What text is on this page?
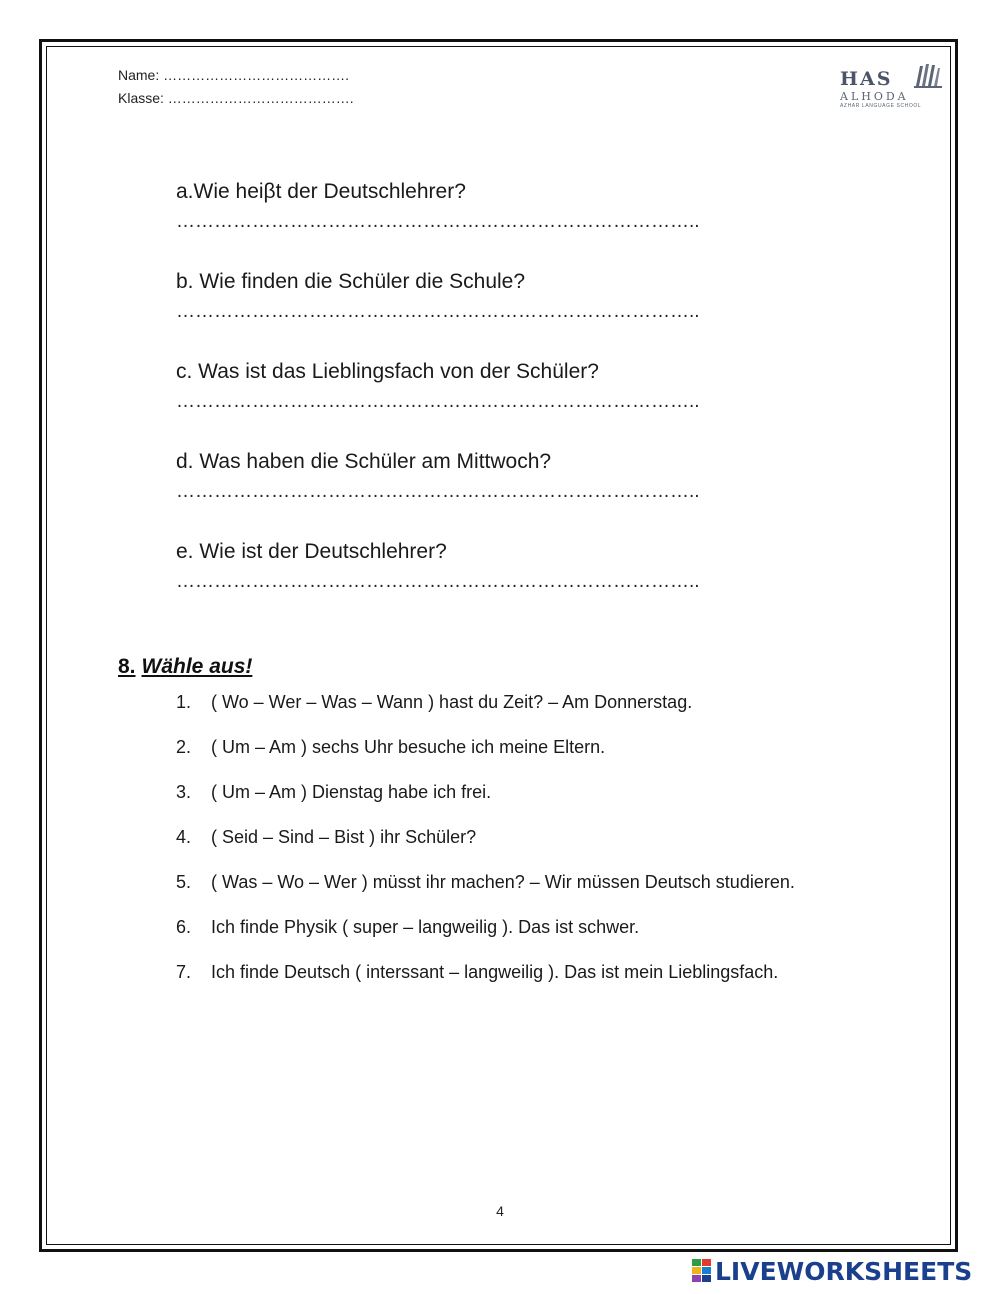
Name: ………………………………….
Klasse: ………………………………….
HAS
ALHODA
AZHAR LANGUAGE SCHOOL

a.Wie heiβt der Deutschlehrer?

………………………………………………………………………..

b. Wie finden die Schüler die Schule?

………………………………………………………………………..

c. Was ist das Lieblingsfach von der Schüler?

………………………………………………………………………..

d. Was haben die Schüler am Mittwoch?

………………………………………………………………………..

e. Wie ist der Deutschlehrer?

………………………………………………………………………..

8. Wähle aus!
1. ( Wo – Wer – Was – Wann ) hast du Zeit? – Am Donnerstag.
2. ( Um – Am ) sechs Uhr besuche ich meine Eltern.
3. ( Um – Am ) Dienstag habe ich frei.
4. ( Seid – Sind – Bist ) ihr Schüler?
5. ( Was – Wo – Wer ) müsst ihr machen? – Wir müssen Deutsch studieren.
6. Ich finde Physik ( super – langweilig ). Das ist schwer.
7. Ich finde Deutsch ( interssant – langweilig ). Das ist mein Lieblingsfach.
4
LIVEWORKSHEETS
